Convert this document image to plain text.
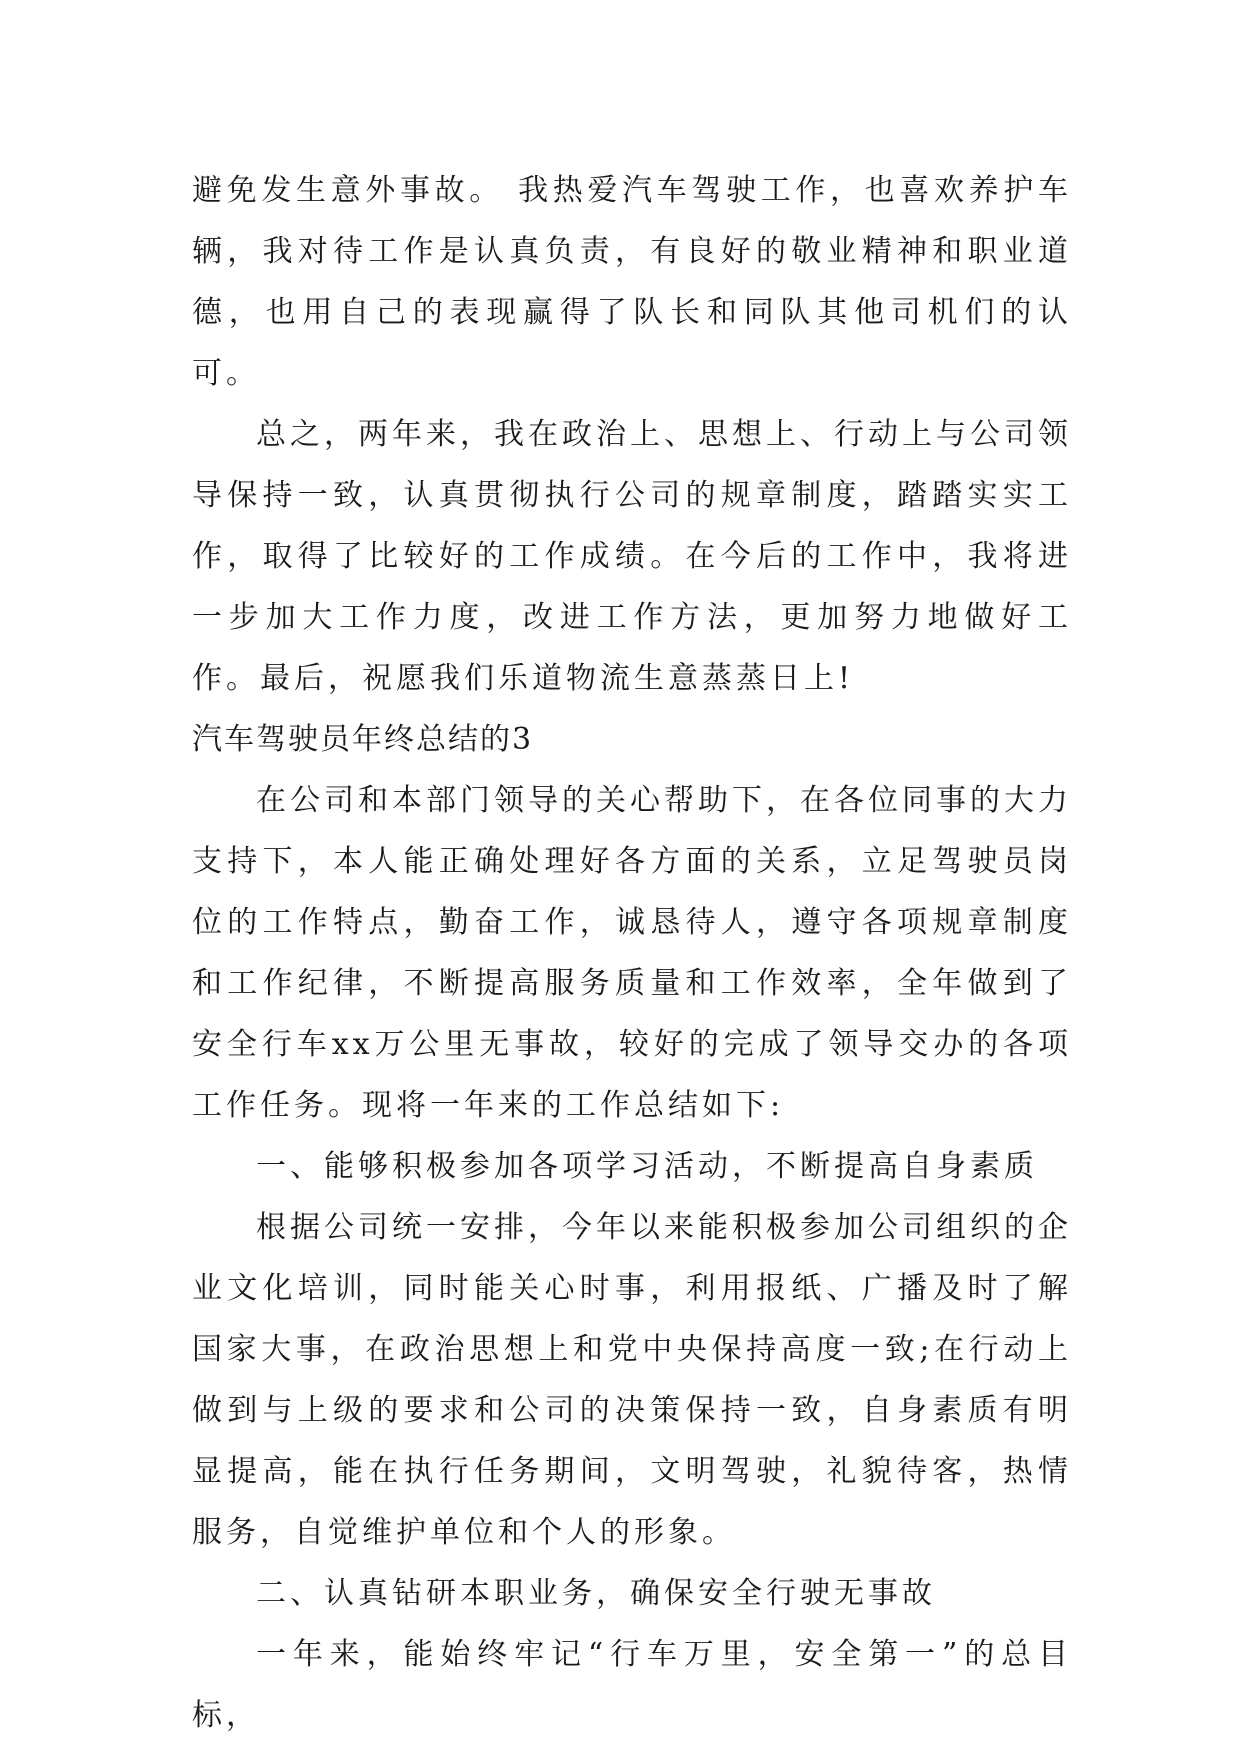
避免发生意外事故。 我热爱汽车驾驶工作，也喜欢养护车辆，我对待工作是认真负责，有良好的敬业精神和职业道德，也用自己的表现赢得了队长和同队其他司机们的认可。

总之，两年来，我在政治上、思想上、行动上与公司领导保持一致，认真贯彻执行公司的规章制度，踏踏实实工作，取得了比较好的工作成绩。在今后的工作中，我将进一步加大工作力度，改进工作方法，更加努力地做好工作。最后，祝愿我们乐道物流生意蒸蒸日上!

汽车驾驶员年终总结的3

在公司和本部门领导的关心帮助下，在各位同事的大力支持下，本人能正确处理好各方面的关系，立足驾驶员岗位的工作特点，勤奋工作，诚恳待人，遵守各项规章制度和工作纪律，不断提高服务质量和工作效率，全年做到了安全行车xx万公里无事故，较好的完成了领导交办的各项工作任务。现将一年来的工作总结如下:

一、能够积极参加各项学习活动，不断提高自身素质

根据公司统一安排，今年以来能积极参加公司组织的企业文化培训，同时能关心时事，利用报纸、广播及时了解国家大事，在政治思想上和党中央保持高度一致;在行动上做到与上级的要求和公司的决策保持一致，自身素质有明显提高，能在执行任务期间，文明驾驶，礼貌待客，热情服务，自觉维护单位和个人的形象。

二、认真钻研本职业务，确保安全行驶无事故

一年来，能始终牢记“行车万里，安全第一”的总目标，
